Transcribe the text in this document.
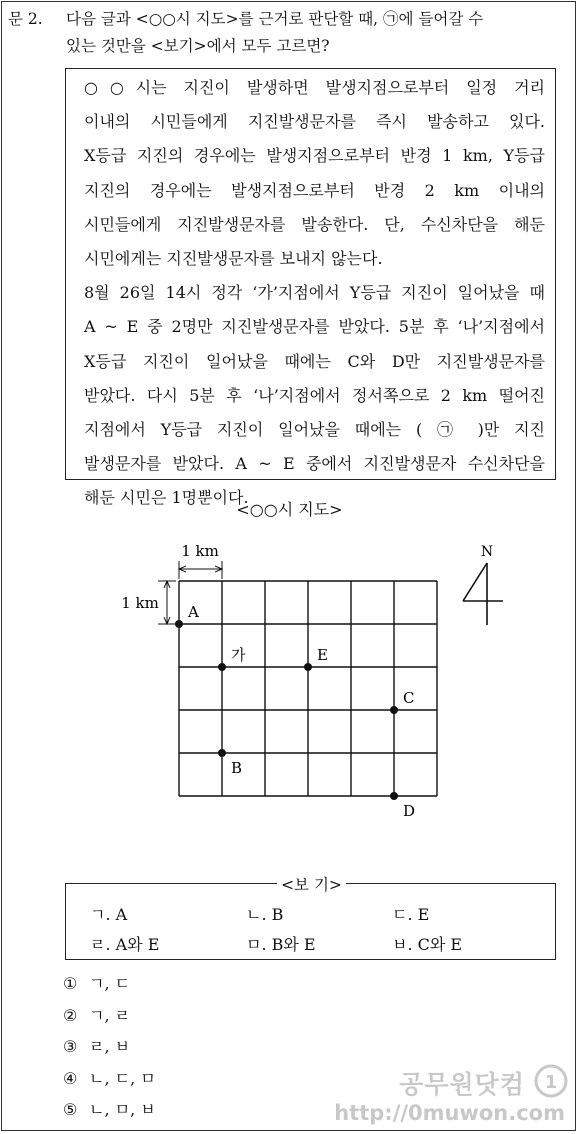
문 2. 다음 글과 <○○시 지도>를 근거로 판단할 때, ㉠에 들어갈 수
있는 것만을 <보기>에서 모두 고르면?

○○시는 지진이 발생하면 발생지점으로부터 일정 거리
이내의 시민들에게 지진발생문자를 즉시 발송하고 있다.
X등급 지진의 경우에는 발생지점으로부터 반경 1 km, Y등급
지진의 경우에는 발생지점으로부터 반경 2 km 이내의
시민들에게 지진발생문자를 발송한다. 단, 수신차단을 해둔
시민에게는 지진발생문자를 보내지 않는다.

8월 26일 14시 정각 ‘가’지점에서 Y등급 지진이 일어났을 때
A ~ E 중 2명만 지진발생문자를 받았다. 5분 후 ‘나’지점에서
X등급 지진이 일어났을 때에는 C와 D만 지진발생문자를
받았다. 다시 5분 후 ‘나’지점에서 정서쪽으로 2 km 떨어진
지점에서 Y등급 지진이 일어났을 때에는 ( ㉠ )만 지진
발생문자를 받았다. A ~ E 중에서 지진발생문자 수신차단을
해둔 시민은 1명뿐이다.

<○○시 지도>
1 km
1 km
N
A
가	E
C
B
D
<보 기>
ㄱ. A	ㄴ. B	ㄷ. E
ㄹ. A와 E	ㅁ. B와 E	ㅂ. C와 E
① ㄱ, ㄷ
② ㄱ, ㄹ
③ ㄹ, ㅂ
④ ㄴ, ㄷ, ㅁ
⑤ ㄴ, ㅁ, ㅂ
공무원닷컴 1
http://0muwon.com
